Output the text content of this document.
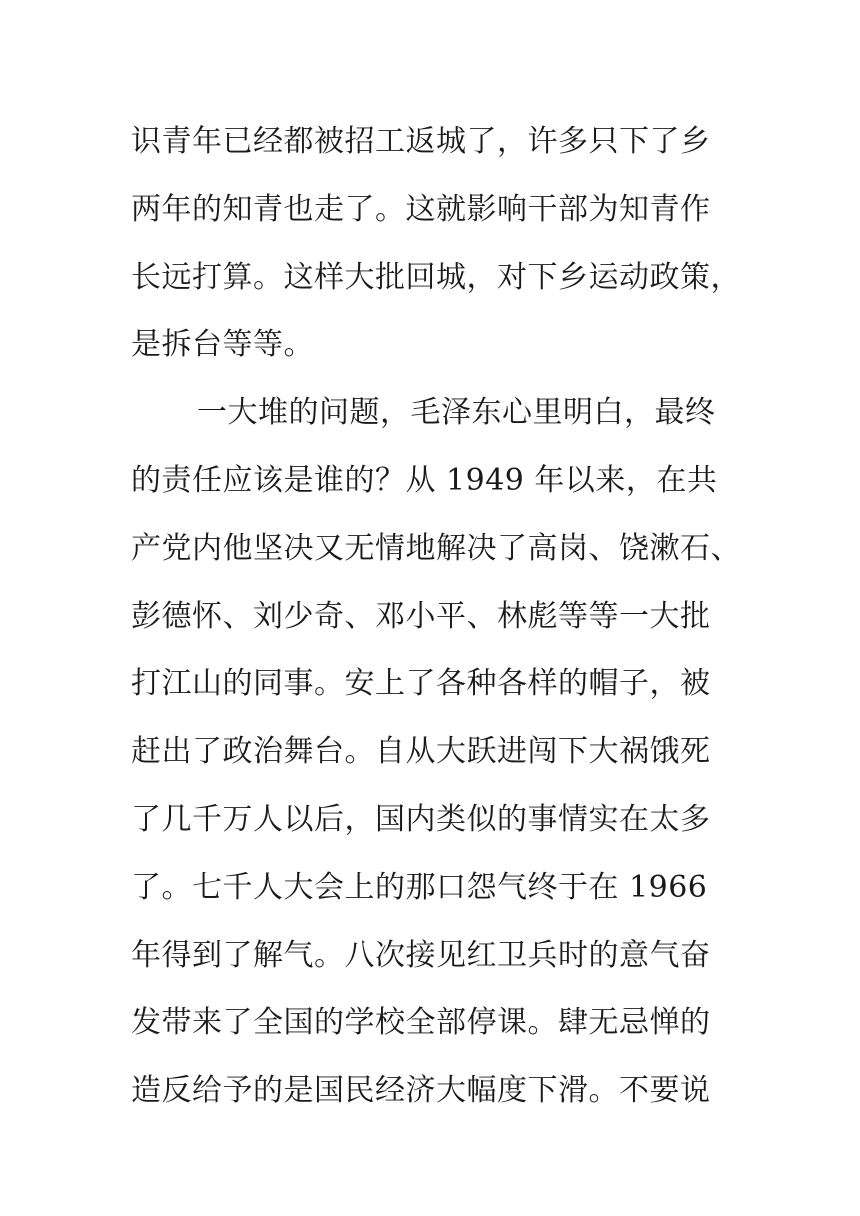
识青年已经都被招工返城了，许多只下了乡
两年的知青也走了。这就影响干部为知青作
长远打算。这样大批回城，对下乡运动政策，
是拆台等等。
一大堆的问题，毛泽东心里明白，最终
的责任应该是谁的？从 1949 年以来，在共
产党内他坚决又无情地解决了高岗、饶漱石、
彭德怀、刘少奇、邓小平、林彪等等一大批
打江山的同事。安上了各种各样的帽子，被
赶出了政治舞台。自从大跃进闯下大祸饿死
了几千万人以后，国内类似的事情实在太多
了。七千人大会上的那口怨气终于在 1966
年得到了解气。八次接见红卫兵时的意气奋
发带来了全国的学校全部停课。肆无忌惮的
造反给予的是国民经济大幅度下滑。不要说
